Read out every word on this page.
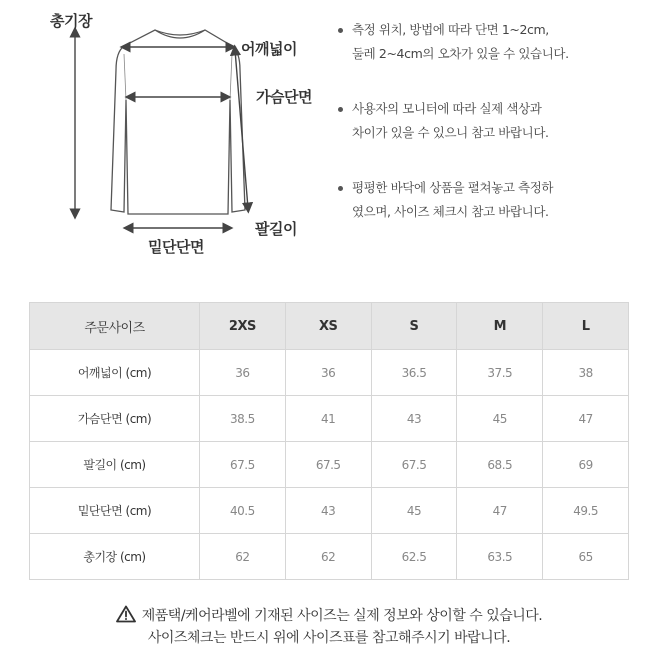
총기장
어깨넓이
가슴단면
팔길이
밑단단면
측정 위치, 방법에 따라 단면 1~2cm,
둘레 2~4cm의 오차가 있을 수 있습니다.
사용자의 모니터에 따라 실제 색상과
차이가 있을 수 있으니 참고 바랍니다.
평평한 바닥에 상품을 펼쳐놓고 측정하
였으며, 사이즈 체크시 참고 바랍니다.
주문사이즈	2XS	XS	S	M	L
어깨넓이 (cm)	36	36	36.5	37.5	38
가슴단면 (cm)	38.5	41	43	45	47
팔길이 (cm)	67.5	67.5	67.5	68.5	69
밑단단면 (cm)	40.5	43	45	47	49.5
총기장 (cm)	62	62	62.5	63.5	65
제품택/케어라벨에 기재된 사이즈는 실제 정보와 상이할 수 있습니다.
사이즈체크는 반드시 위에 사이즈표를 참고해주시기 바랍니다.
